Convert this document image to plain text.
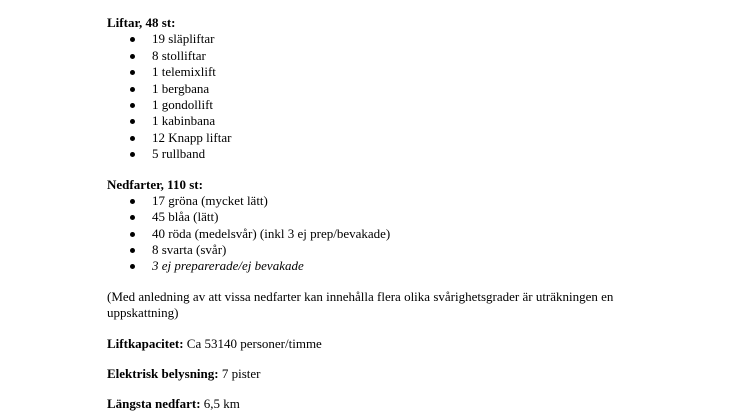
Liftar, 48 st:

19 släpliftar
8 stolliftar
1 telemixlift
1 bergbana
1 gondollift
1 kabinbana
12 Knapp liftar
5 rullband

Nedfarter, 110 st:

17 gröna (mycket lätt)
45 blåa (lätt)
40 röda (medelsvår) (inkl 3 ej prep/bevakade)
8 svarta (svår)
3 ej preparerade/ej bevakade

(Med anledning av att vissa nedfarter kan innehålla flera olika svårighetsgrader är uträkningen en uppskattning)

Liftkapacitet: Ca 53140 personer/timme

Elektrisk belysning: 7 pister

Längsta nedfart: 6,5 km
